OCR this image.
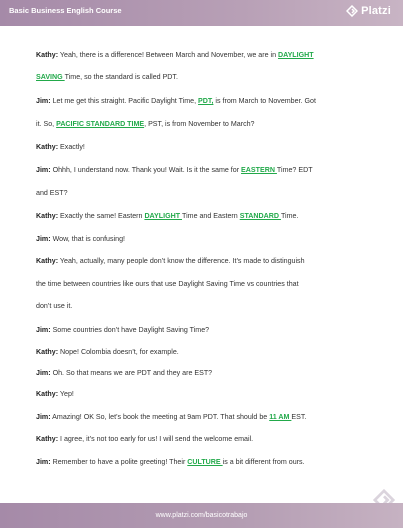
Basic Business English Course	Platzi
Kathy: Yeah, there is a difference! Between March and November, we are in DAYLIGHT
SAVING Time, so the standard is called PDT.
Jim: Let me get this straight. Pacific Daylight Time, PDT, is from March to November. Got
it. So, PACIFIC STANDARD TIME, PST, is from November to March?
Kathy: Exactly!
Jim: Ohhh, I understand now. Thank you! Wait. Is it the same for EASTERN Time? EDT
and EST?
Kathy: Exactly the same! Eastern DAYLIGHT Time and Eastern STANDARD Time.
Jim: Wow, that is confusing!
Kathy: Yeah, actually, many people don’t know the difference. It’s made to distinguish
the time between countries like ours that use Daylight Saving Time vs countries that
don’t use it.
Jim: Some countries don’t have Daylight Saving Time?
Kathy: Nope! Colombia doesn’t, for example.
Jim: Oh. So that means we are PDT and they are EST?
Kathy: Yep!
Jim: Amazing! OK So, let’s book the meeting at 9am PDT. That should be 11 AM EST.
Kathy: I agree, it’s not too early for us! I will send the welcome email.
Jim: Remember to have a polite greeting! Their CULTURE is a bit different from ours.
www.platzi.com/basicotrabajo
